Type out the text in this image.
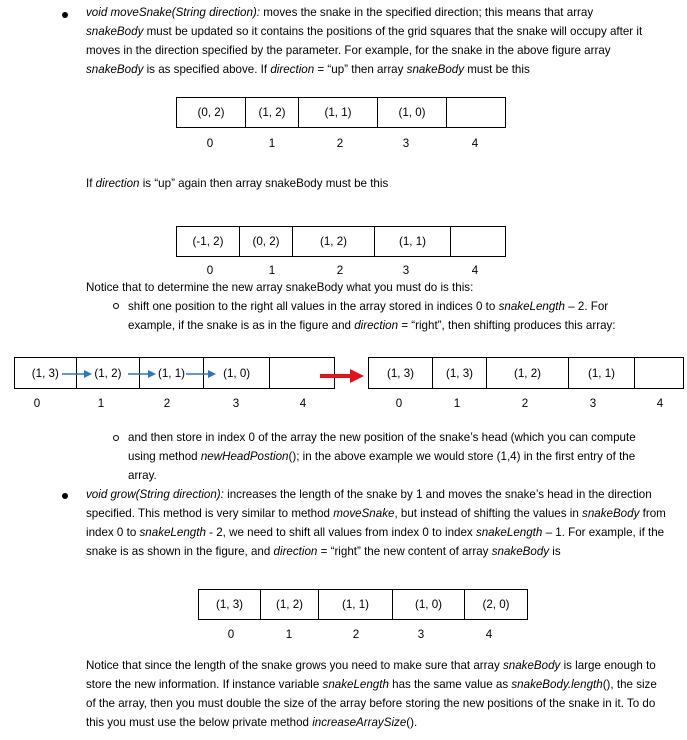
void moveSnake(String direction): moves the snake in the specified direction; this means that array snakeBody must be updated so it contains the positions of the grid squares that the snake will occupy after it moves in the direction specified by the parameter. For example, for the snake in the above figure array snakeBody is as specified above. If direction = “up” then array snakeBody must be this
(0, 2)	(1, 2)	(1, 1)	(1, 0)
0	1	2	3	4
If direction is “up” again then array snakeBody must be this
(-1, 2)	(0, 2)	(1, 2)	(1, 1)
0	1	2	3	4
Notice that to determine the new array snakeBody what you must do is this:
shift one position to the right all values in the array stored in indices 0 to snakeLength – 2. For example, if the snake is as in the figure and direction = “right”, then shifting produces this array:
(1, 3)	(1, 2)	(1, 1)	(1, 0)
0	1	2	3	4
(1, 3)	(1, 3)	(1, 2)	(1, 1)
0	1	2	3	4
and then store in index 0 of the array the new position of the snake’s head (which you can compute using method newHeadPostion(); in the above example we would store (1,4) in the first entry of the array.
void grow(String direction): increases the length of the snake by 1 and moves the snake’s head in the direction specified. This method is very similar to method moveSnake, but instead of shifting the values in snakeBody from index 0 to snakeLength - 2, we need to shift all values from index 0 to index snakeLength – 1. For example, if the snake is as shown in the figure, and direction = “right” the new content of array snakeBody is
(1, 3)	(1, 2)	(1, 1)	(1, 0)	(2, 0)
0	1	2	3	4
Notice that since the length of the snake grows you need to make sure that array snakeBody is large enough to store the new information. If instance variable snakeLength has the same value as snakeBody.length(), the size of the array, then you must double the size of the array before storing the new positions of the snake in it. To do this you must use the below private method increaseArraySize().
